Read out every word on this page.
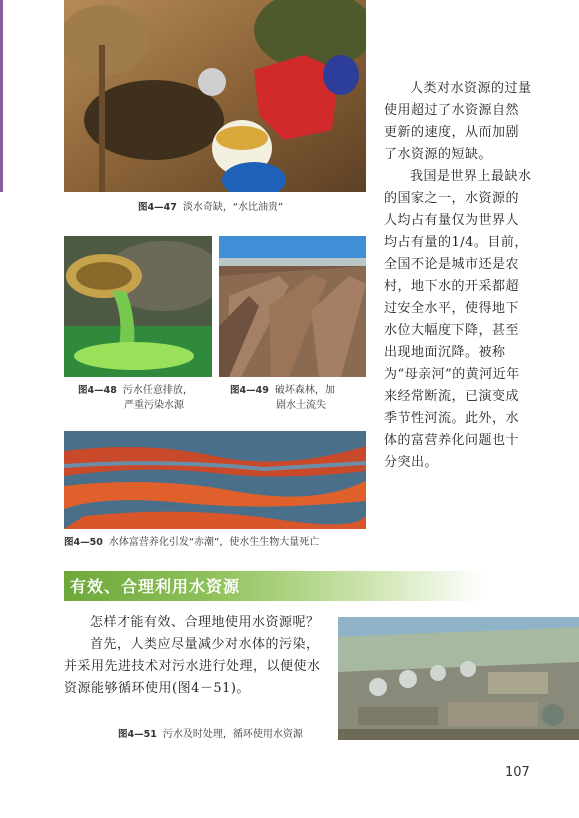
图4—47 淡水奇缺，“水比油贵”
图4—48 污水任意排放，
严重污染水源
图4—49 破坏森林，加
剧水土流失
图4—50 水体富营养化引发“赤潮”，使水生生物大量死亡

人类对水资源的过量使用超过了水资源自然更新的速度，从而加剧了水资源的短缺。

我国是世界上最缺水的国家之一，水资源的人均占有量仅为世界人均占有量的1/4。目前，全国不论是城市还是农村，地下水的开采都超过安全水平，使得地下水位大幅度下降，甚至出现地面沉降。被称为“母亲河”的黄河近年来经常断流，已演变成季节性河流。此外，水体的富营养化问题也十分突出。

有效、合理利用水资源

怎样才能有效、合理地使用水资源呢？

首先，人类应尽量减少对水体的污染，并采用先进技术对污水进行处理，以便使水资源能够循环使用(图4－51)。

图4—51 污水及时处理，循环使用水资源
107
